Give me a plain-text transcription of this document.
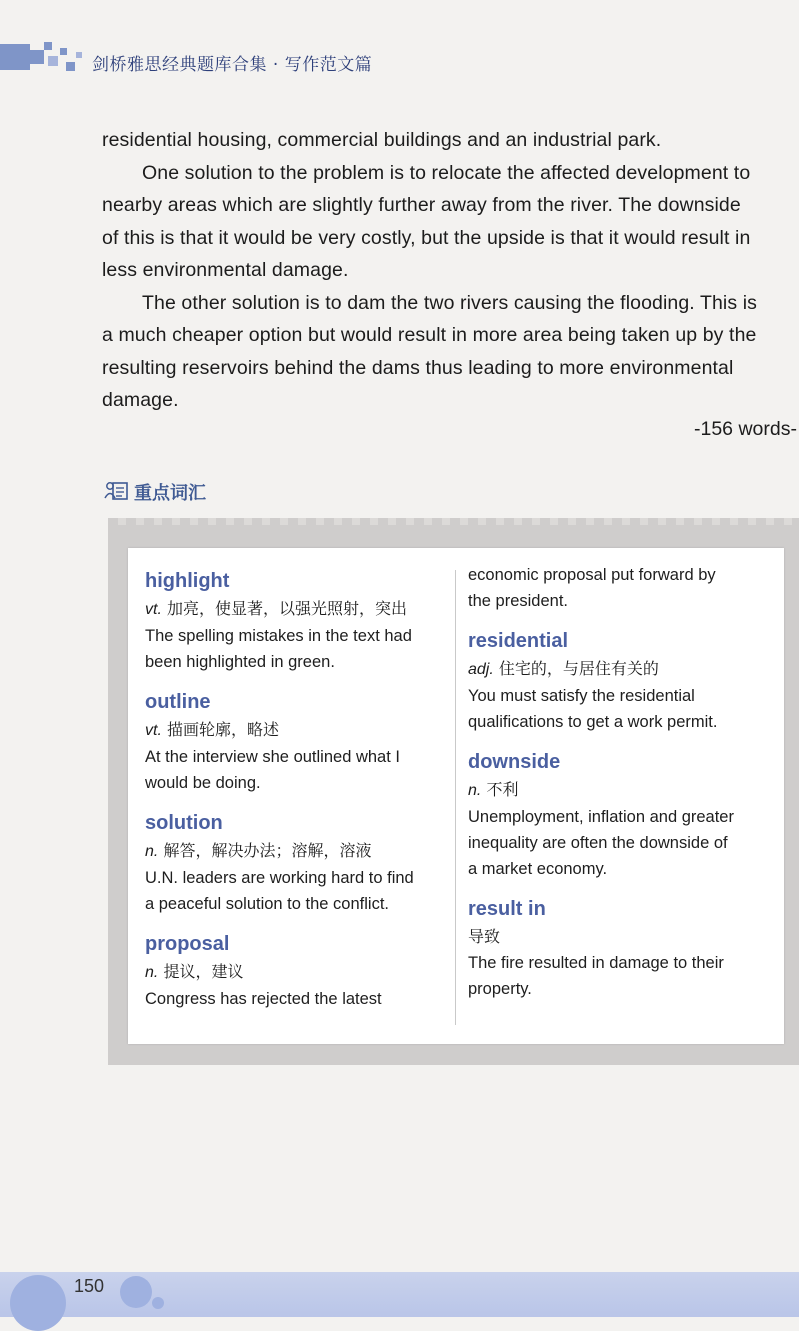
剑桥雅思经典题库合集 · 写作范文篇

residential housing, commercial buildings and an industrial park.

One solution to the problem is to relocate the affected development to

nearby areas which are slightly further away from the river. The downside

of this is that it would be very costly, but the upside is that it would result in

less environmental damage.

The other solution is to dam the two rivers causing the flooding. This is

a much cheaper option but would result in more area being taken up by the

resulting reservoirs behind the dams thus leading to more environmental

damage.

-156 words-
重点词汇
highlight
vt. 加亮，使显著，以强光照射，突出
The spelling mistakes in the text had
been highlighted in green.
outline
vt. 描画轮廓，略述
At the interview she outlined what I
would be doing.
solution
n. 解答，解决办法；溶解，溶液
U.N. leaders are working hard to find
a peaceful solution to the conflict.
proposal
n. 提议，建议
Congress has rejected the latest
economic proposal put forward by
the president.
residential
adj. 住宅的，与居住有关的
You must satisfy the residential
qualifications to get a work permit.
downside
n. 不利
Unemployment, inflation and greater
inequality are often the downside of
a market economy.
result in
导致
The fire resulted in damage to their
property.
150
